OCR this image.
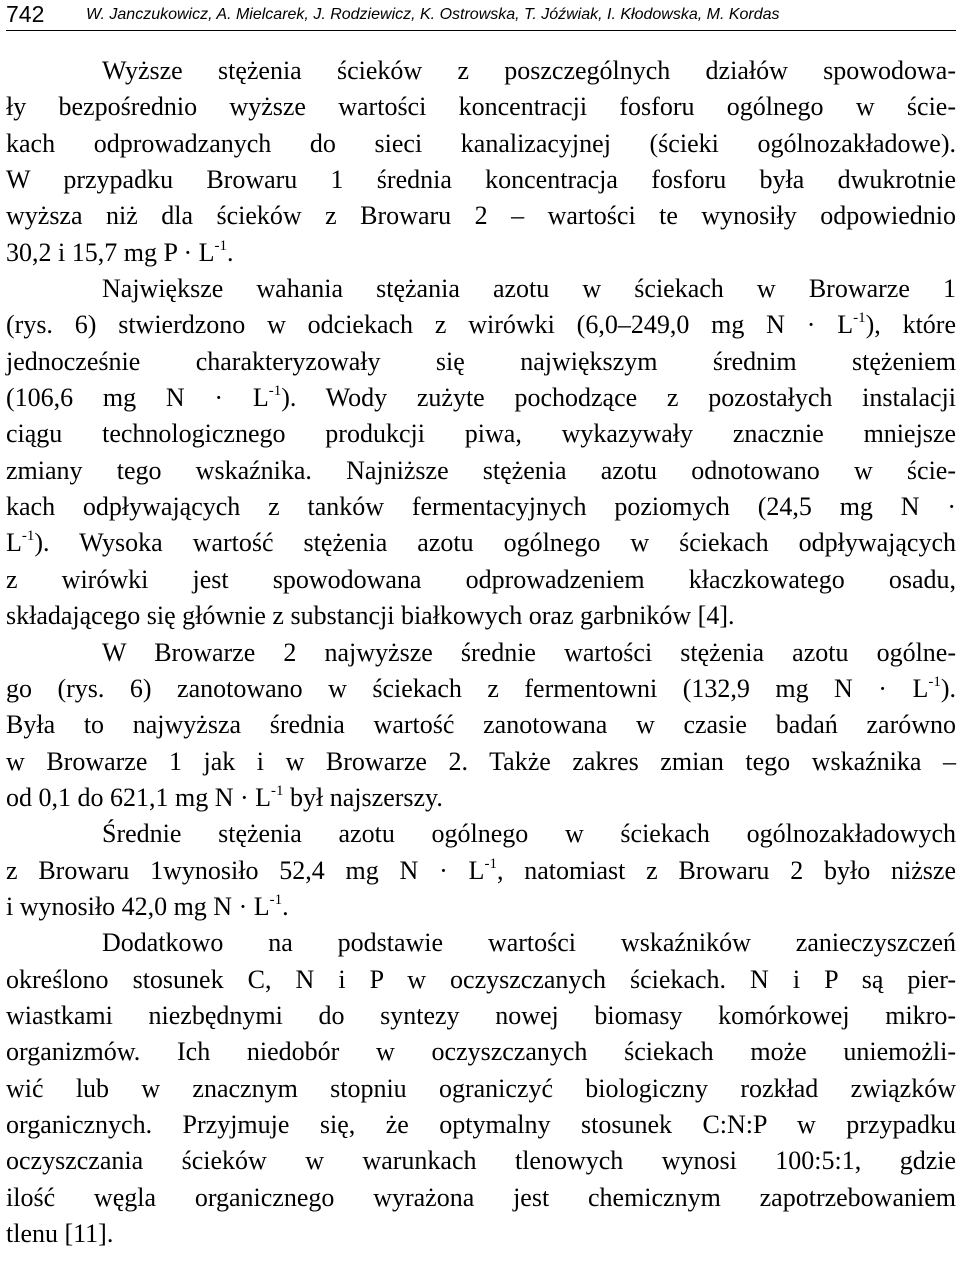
742	W. Janczukowicz, A. Mielcarek, J. Rodziewicz, K. Ostrowska, T. Jóźwiak, I. Kłodowska, M. Kordas
Wyższe stężenia ścieków z poszczególnych działów spowodowa-
ły bezpośrednio wyższe wartości koncentracji fosforu ogólnego w ście-
kach odprowadzanych do sieci kanalizacyjnej (ścieki ogólnozakładowe).
W przypadku Browaru 1 średnia koncentracja fosforu była dwukrotnie
wyższa niż dla ścieków z Browaru 2 – wartości te wynosiły odpowiednio
30,2 i 15,7 mg $P \cdot L^{-1}$.
Największe wahania stężania azotu w ściekach w Browarze 1
(rys. 6) stwierdzono w odciekach z wirówki (6,0–249,0 mg $N \cdot L^{-1}$), które
jednocześnie charakteryzowały się największym średnim stężeniem
(106,6 mg $N \cdot L^{-1}$). Wody zużyte pochodzące z pozostałych instalacji
ciągu technologicznego produkcji piwa, wykazywały znacznie mniejsze
zmiany tego wskaźnika. Najniższe stężenia azotu odnotowano w ście-
kach odpływających z tanków fermentacyjnych poziomych (24,5 mg N ·
$L^{-1}$). Wysoka wartość stężenia azotu ogólnego w ściekach odpływających
z wirówki jest spowodowana odprowadzeniem kłaczkowatego osadu,
składającego się głównie z substancji białkowych oraz garbników [4].
W Browarze 2 najwyższe średnie wartości stężenia azotu ogólne-
go (rys. 6) zanotowano w ściekach z fermentowni (132,9 mg $N \cdot L^{-1}$).
Była to najwyższa średnia wartość zanotowana w czasie badań zarówno
w Browarze 1 jak i w Browarze 2. Także zakres zmian tego wskaźnika –
od 0,1 do 621,1 mg $N \cdot L^{-1}$ był najszerszy.
Średnie stężenia azotu ogólnego w ściekach ogólnozakładowych
z Browaru 1wynosiło 52,4 mg $N \cdot L^{-1}$, natomiast z Browaru 2 było niższe
i wynosiło 42,0 mg $N \cdot L^{-1}$.
Dodatkowo na podstawie wartości wskaźników zanieczyszczeń
określono stosunek C, N i P w oczyszczanych ściekach. N i P są pier-
wiastkami niezbędnymi do syntezy nowej biomasy komórkowej mikro-
organizmów. Ich niedobór w oczyszczanych ściekach może uniemożli-
wić lub w znacznym stopniu ograniczyć biologiczny rozkład związków
organicznych. Przyjmuje się, że optymalny stosunek C:N:P w przypadku
oczyszczania ścieków w warunkach tlenowych wynosi 100:5:1, gdzie
ilość węgla organicznego wyrażona jest chemicznym zapotrzebowaniem
tlenu [11].
